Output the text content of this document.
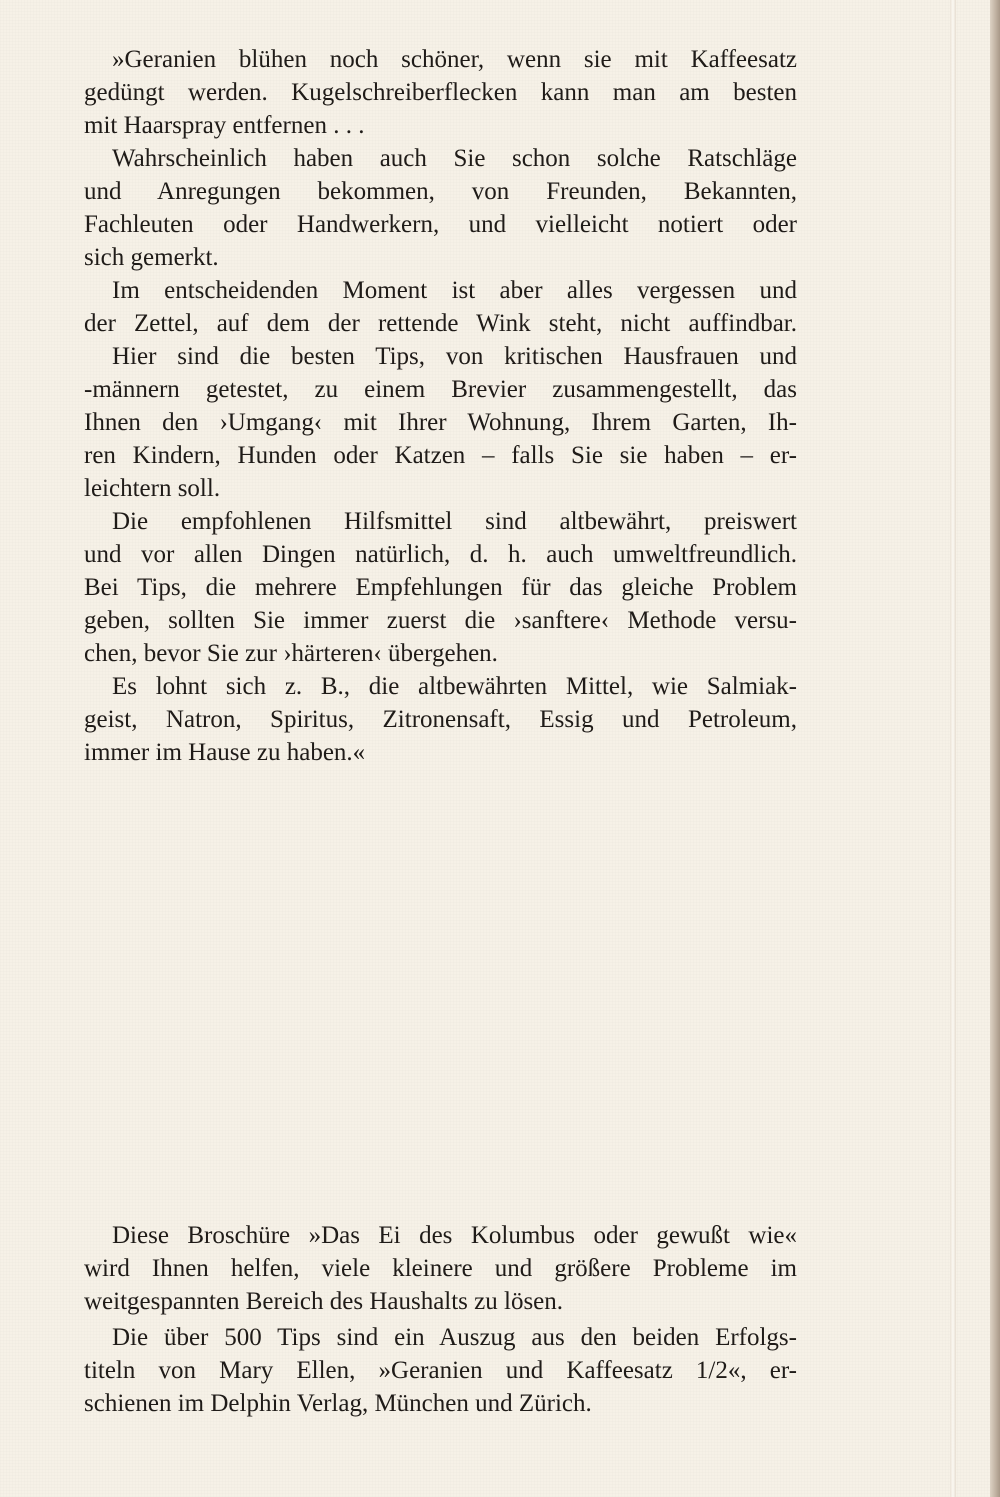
»Geranien blühen noch schöner, wenn sie mit Kaffeesatz
gedüngt werden. Kugelschreiberflecken kann man am besten
mit Haarspray entfernen . . .
Wahrscheinlich haben auch Sie schon solche Ratschläge
und Anregungen bekommen, von Freunden, Bekannten,
Fachleuten oder Handwerkern, und vielleicht notiert oder
sich gemerkt.
Im entscheidenden Moment ist aber alles vergessen und
der Zettel, auf dem der rettende Wink steht, nicht auffindbar.
Hier sind die besten Tips, von kritischen Hausfrauen und
-männern getestet, zu einem Brevier zusammengestellt, das
Ihnen den ›Umgang‹ mit Ihrer Wohnung, Ihrem Garten, Ih-
ren Kindern, Hunden oder Katzen – falls Sie sie haben – er-
leichtern soll.
Die empfohlenen Hilfsmittel sind altbewährt, preiswert
und vor allen Dingen natürlich, d. h. auch umweltfreundlich.
Bei Tips, die mehrere Empfehlungen für das gleiche Problem
geben, sollten Sie immer zuerst die ›sanftere‹ Methode versu-
chen, bevor Sie zur ›härteren‹ übergehen.
Es lohnt sich z. B., die altbewährten Mittel, wie Salmiak-
geist, Natron, Spiritus, Zitronensaft, Essig und Petroleum,
immer im Hause zu haben.«
Diese Broschüre »Das Ei des Kolumbus oder gewußt wie«
wird Ihnen helfen, viele kleinere und größere Probleme im
weitgespannten Bereich des Haushalts zu lösen.
Die über 500 Tips sind ein Auszug aus den beiden Erfolgs-
titeln von Mary Ellen, »Geranien und Kaffeesatz 1/2«, er-
schienen im Delphin Verlag, München und Zürich.
